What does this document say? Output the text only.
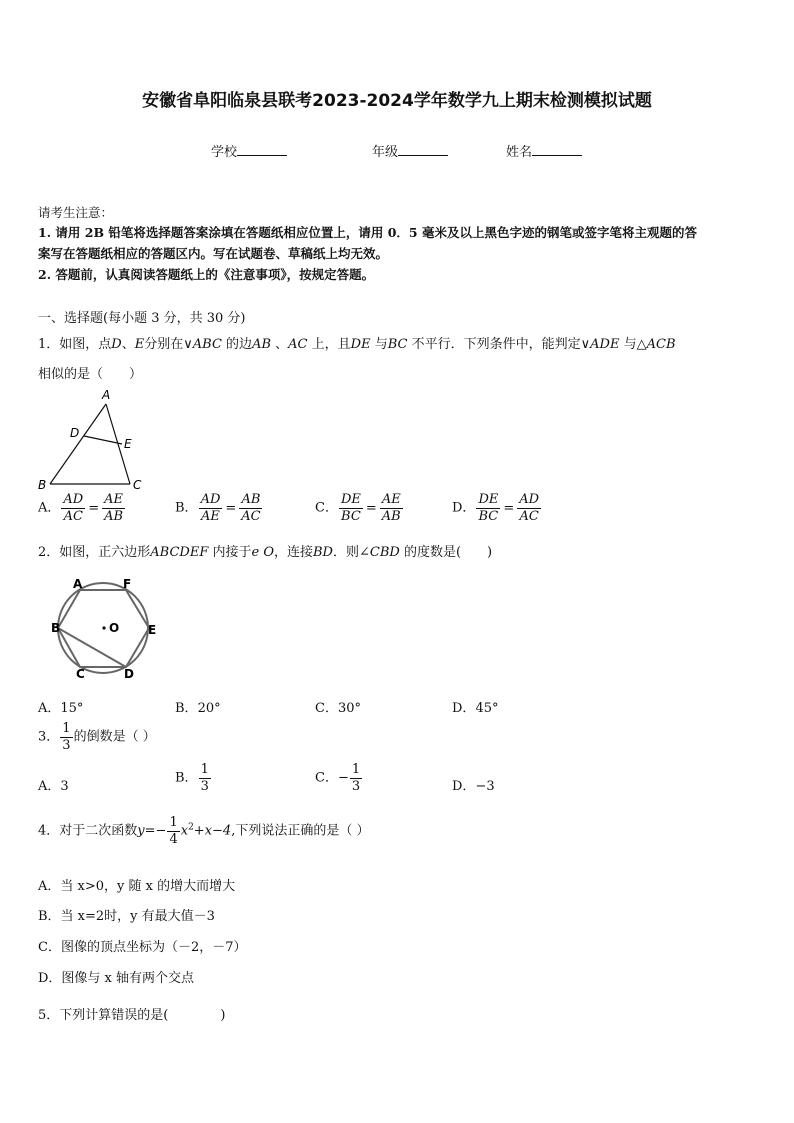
安徽省阜阳临泉县联考2023-2024学年数学九上期末检测模拟试题
学校	年级	姓名
请考生注意：
1. 请用 2B 铅笔将选择题答案涂填在答题纸相应位置上，请用 0．5 毫米及以上黑色字迹的钢笔或签字笔将主观题的答
案写在答题纸相应的答题区内。写在试题卷、草稿纸上均无效。
2. 答题前，认真阅读答题纸上的《注意事项》，按规定答题。
一、选择题(每小题 3 分，共 30 分)
1．如图，点D、E分别在∨ABC 的边AB 、AC 上，且DE 与BC 不平行．下列条件中，能判定∨ADE 与△ACB
相似的是（　　）
A
D
E
B	C
A． $\frac{AD}{AC} = \frac{AE}{AB}$	B． $\frac{AD}{AE} = \frac{AB}{AC}$	C． $\frac{DE}{BC} = \frac{AE}{AB}$	D． $\frac{DE}{BC} = \frac{AD}{AC}$
2．如图，正六边形ABCDEF 内接于e O，连接BD．则∠CBD 的度数是(　　)
A	F
B	O E
C	D
A．15°	B．20°	C．30°	D．45°
3． $\frac{1}{3}$ 的倒数是（ ）
A．3
B． $\frac{1}{3}$	C．− $\frac{1}{3}$	D．−3
4．对于二次函数$y=- \frac{1}{4} x^2+x-4$,下列说法正确的是（ ）
A．当 x>0，y 随 x 的增大而增大
B．当 x=2时，y 有最大值－3
C．图像的顶点坐标为（－2，－7）
D．图像与 x 轴有两个交点
5．下列计算错误的是(　　　　)
